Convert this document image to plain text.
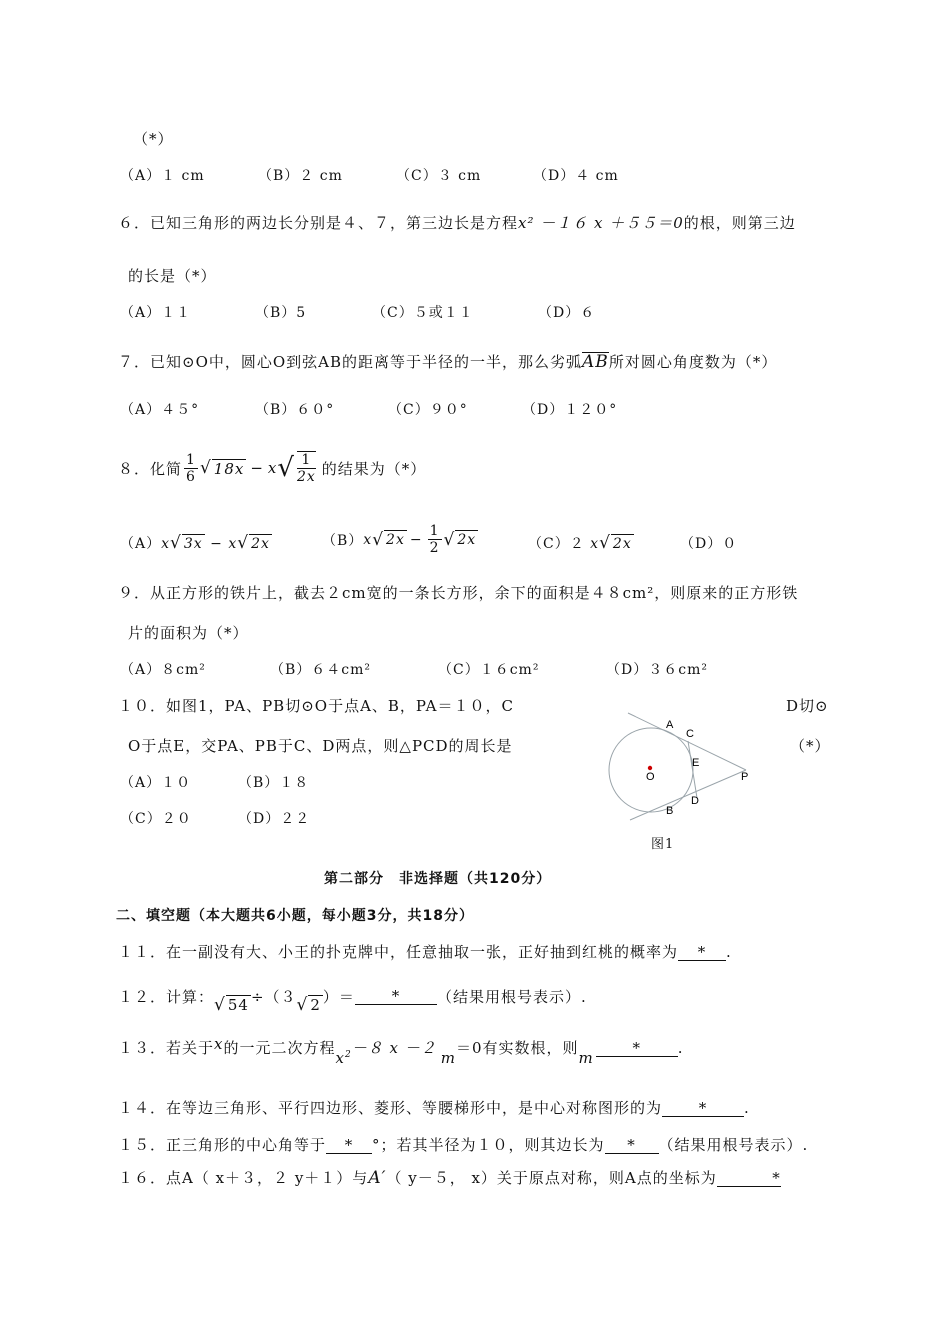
（*）
（A）１ cm	（B）２ cm	（C）３ cm	（D）４ cm
６．已知三角形的两边长分别是４、７，第三边长是方程x² －１６ x ＋５５＝0的根，则第三边
的长是（*）
（A）１１	（B）5	（C）５或１１	（D）６
７．已知⊙O中，圆心O到弦AB的距离等于半径的一半，那么劣弧AB所对圆心角度数为（*）
（A）４５°	（B）６０°	（C）９０°	（D）１２０°
８．化简 $\frac{1}{6}$ √ 18x − x √ $\frac{1}{2x}$ 的结果为（*）
（A）x√ 3x − x√ 2x	（B） x √ $2x - \frac{1}{2}$ √ 2x	（C）２ x√ 2x	（D）０
９．从正方形的铁片上，截去２cm宽的一条长方形，余下的面积是４８cm²，则原来的正方形铁
片的面积为（*）
（A）８cm²	（B）６４cm²	（C）１６cm²	（D）３６cm²
１０．如图1，PA、PB切⊙O于点A、B，PA＝１０，C	D切⊙
O于点E，交PA、PB于C、D两点，则△PCD的周长是	（*）
（A）１０	（B）１８
（C）２０	（D）２２
A
C
E
O	P
D
B
图1
第二部分　非选择题（共120分）
二、填空题（本大题共6小题，每小题3分，共18分）
１１．在一副没有大、小王的扑克牌中，任意抽取一张，正好抽到红桃的概率为 * .
１２．计算： √ 54 ÷（３ √ 2 ）＝	*	（结果用根号表示）.
１３．若关于x的一元二次方程$x^2-8$ x －２m＝0有实数根，则m* .
１４．在等边三角形、平行四边形、菱形、等腰梯形中，是中心对称图形的为 * .
１５．正三角形的中心角等于 * °；若其半径为１０，则其边长为 * （结果用根号表示）.
１６．点A（ x＋３，２ y＋１）与A′（ y－５， x）关于原点对称，则A点的坐标为	*
